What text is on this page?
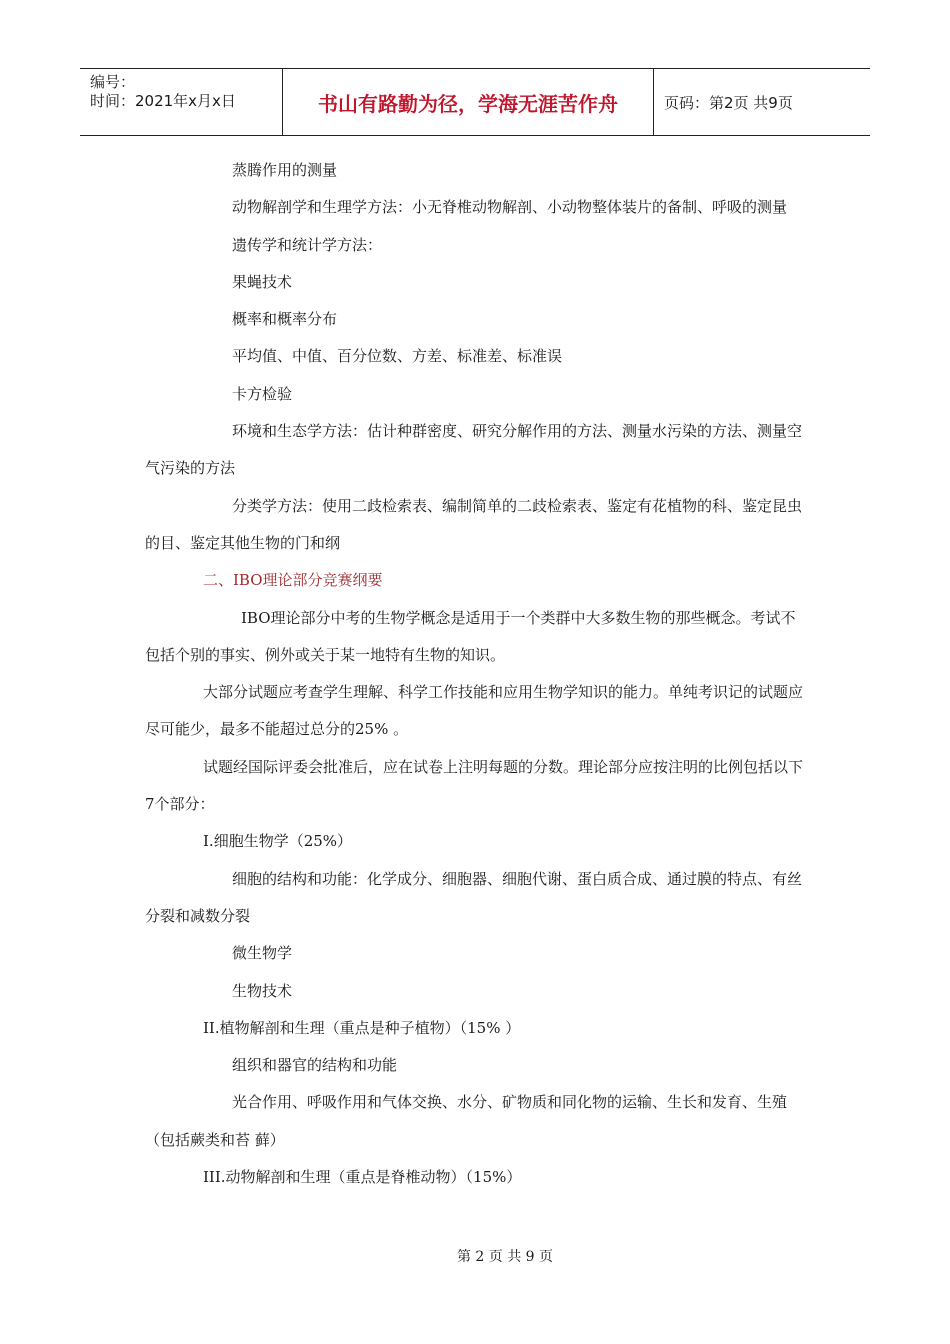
编号：
时间：2021年x月x日	书山有路勤为径，学海无涯苦作舟	页码：第2页 共9页

蒸腾作用的测量

动物解剖学和生理学方法：小无脊椎动物解剖、小动物整体装片的备制、呼吸的测量

遗传学和统计学方法：

果蝇技术

概率和概率分布

平均值、中值、百分位数、方差、标准差、标准误

卡方检验

环境和生态学方法：估计种群密度、研究分解作用的方法、测量水污染的方法、测量空气污染的方法

分类学方法：使用二歧检索表、编制简单的二歧检索表、鉴定有花植物的科、鉴定昆虫的目、鉴定其他生物的门和纲

二、IBO理论部分竞赛纲要

IBO理论部分中考的生物学概念是适用于一个类群中大多数生物的那些概念。考试不包括个别的事实、例外或关于某一地特有生物的知识。

大部分试题应考查学生理解、科学工作技能和应用生物学知识的能力。单纯考识记的试题应尽可能少，最多不能超过总分的25% 。

试题经国际评委会批准后，应在试卷上注明每题的分数。理论部分应按注明的比例包括以下7个部分：

I.细胞生物学（25%）

细胞的结构和功能：化学成分、细胞器、细胞代谢、蛋白质合成、通过膜的特点、有丝分裂和减数分裂

微生物学

生物技术

II.植物解剖和生理（重点是种子植物）（15% ）

组织和器官的结构和功能

光合作用、呼吸作用和气体交换、水分、矿物质和同化物的运输、生长和发育、生殖（包括蕨类和苔 藓）

III.动物解剖和生理（重点是脊椎动物）（15%）

第 2 页 共 9 页
